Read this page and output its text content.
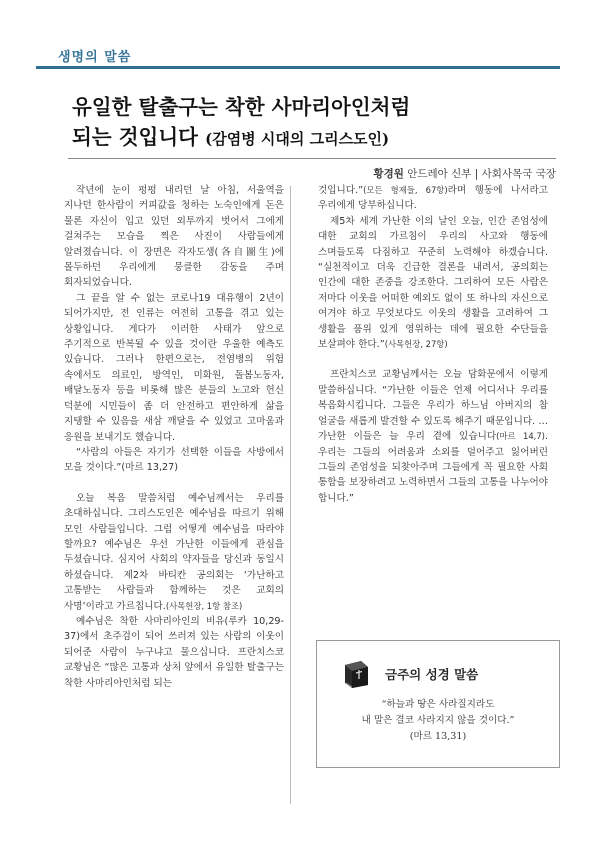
생명의 말씀
유일한 탈출구는 착한 사마리아인처럼
되는 것입니다 (감염병 시대의 그리스도인)
황경원 안드레아 신부 | 사회사목국 국장

작년에 눈이 펑펑 내리던 날 아침, 서울역을 지나던 한사람이 커피값을 청하는 노숙인에게 돈은 물론 자신이 입고 있던 외투까지 벗어서 그에게 걸쳐주는 모습을 찍은 사진이 사람들에게 알려졌습니다. 이 장면은 각자도생(各自圖生)에 몰두하던 우리에게 뭉클한 감동을 주며 회자되었습니다.

그 끝을 알 수 없는 코로나19 대유행이 2년이 되어가지만, 전 인류는 여전히 고통을 겪고 있는 상황입니다. 게다가 이러한 사태가 앞으로 주기적으로 반복될 수 있을 것이란 우울한 예측도 있습니다. 그러나 한편으로는, 전염병의 위험 속에서도 의료인, 방역인, 미화원, 돌봄노동자, 배달노동자 등을 비롯해 많은 분들의 노고와 헌신 덕분에 시민들이 좀 더 안전하고 편안하게 삶을 지탱할 수 있음을 새삼 깨달을 수 있었고 고마움과 응원을 보내기도 했습니다.

“사람의 아들은 자기가 선택한 이들을 사방에서 모을 것이다.”(마르 13,27)

오늘 복음 말씀처럼 예수님께서는 우리를 초대하십니다. 그리스도인은 예수님을 따르기 위해 모인 사람들입니다. 그럼 어떻게 예수님을 따라야 할까요? 예수님은 우선 가난한 이들에게 관심을 두셨습니다. 심지어 사회의 약자들을 당신과 동일시 하셨습니다. 제2차 바티칸 공의회는 ‘가난하고 고통받는 사람들과 함께하는 것은 교회의 사명’이라고 가르칩니다.(사목헌장, 1항 참조)

예수님은 착한 사마리아인의 비유(루카 10,29-37)에서 초주검이 되어 쓰러져 있는 사람의 이웃이 되어준 사람이 누구냐고 물으십니다. 프란치스코 교황님은 “많은 고통과 상처 앞에서 유일한 탈출구는 착한 사마리아인처럼 되는

것입니다.”(모든 형제들, 67항)라며 행동에 나서라고 우리에게 당부하십니다.

제5차 세계 가난한 이의 날인 오늘, 인간 존엄성에 대한 교회의 가르침이 우리의 사고와 행동에 스며들도록 다짐하고 꾸준히 노력해야 하겠습니다. “실천적이고 더욱 긴급한 결론을 내려서, 공의회는 인간에 대한 존중을 강조한다. 그리하여 모든 사람은 저마다 이웃을 어떠한 예외도 없이 또 하나의 자신으로 여겨야 하고 무엇보다도 이웃의 생활을 고려하여 그 생활을 품위 있게 영위하는 데에 필요한 수단들을 보살펴야 한다.”(사목헌장, 27항)

프란치스코 교황님께서는 오늘 담화문에서 이렇게 말씀하십니다. “가난한 이들은 언제 어디서나 우리를 복음화시킵니다. 그들은 우리가 하느님 아버지의 참 얼굴을 새롭게 발견할 수 있도록 해주기 때문입니다. … 가난한 이들은 늘 우리 곁에 있습니다(마르 14,7). 우리는 그들의 어려움과 소외를 덜어주고 잃어버린 그들의 존엄성을 되찾아주며 그들에게 꼭 필요한 사회 통합을 보장하려고 노력하면서 그들의 고통을 나누어야 합니다.”

금주의 성경 말씀
“하늘과 땅은 사라질지라도
내 말은 결코 사라지지 않을 것이다.”
(마르 13,31)
